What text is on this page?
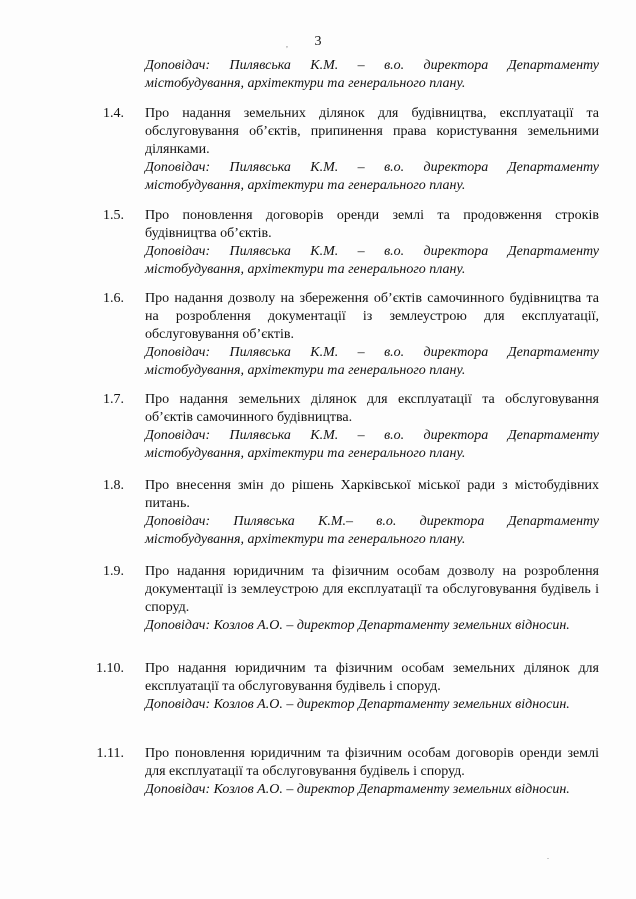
3
,
Доповідач: Пилявська К.М. – в.о. директора Департаменту містобудування, архітектури та генерального плану.
1.4. Про надання земельних ділянок для будівництва, експлуатації та обслуговування об’єктів, припинення права користування земельними ділянками.
Доповідач: Пилявська К.М. – в.о. директора Департаменту містобудування, архітектури та генерального плану.
1.5. Про поновлення договорів оренди землі та продовження строків будівництва об’єктів.
Доповідач: Пилявська К.М. – в.о. директора Департаменту містобудування, архітектури та генерального плану.
1.6. Про надання дозволу на збереження об’єктів самочинного будівництва та на розроблення документації із землеустрою для експлуатації, обслуговування об’єктів.
Доповідач: Пилявська К.М. – в.о. директора Департаменту містобудування, архітектури та генерального плану.
1.7. Про надання земельних ділянок для експлуатації та обслуговування об’єктів самочинного будівництва.
Доповідач: Пилявська К.М. – в.о. директора Департаменту містобудування, архітектури та генерального плану.
1.8. Про внесення змін до рішень Харківської міської ради з містобудівних питань.
Доповідач: Пилявська К.М.– в.о. директора Департаменту містобудування, архітектури та генерального плану.
1.9. Про надання юридичним та фізичним особам дозволу на розроблення документації із землеустрою для експлуатації та обслуговування будівель і споруд.
Доповідач: Козлов А.О. – директор Департаменту земельних відносин.
1.10. Про надання юридичним та фізичним особам земельних ділянок для експлуатації та обслуговування будівель і споруд.
Доповідач: Козлов А.О. – директор Департаменту земельних відносин.
1.11. Про поновлення юридичним та фізичним особам договорів оренди землі для експлуатації та обслуговування будівель і споруд.
Доповідач: Козлов А.О. – директор Департаменту земельних відносин.
.
